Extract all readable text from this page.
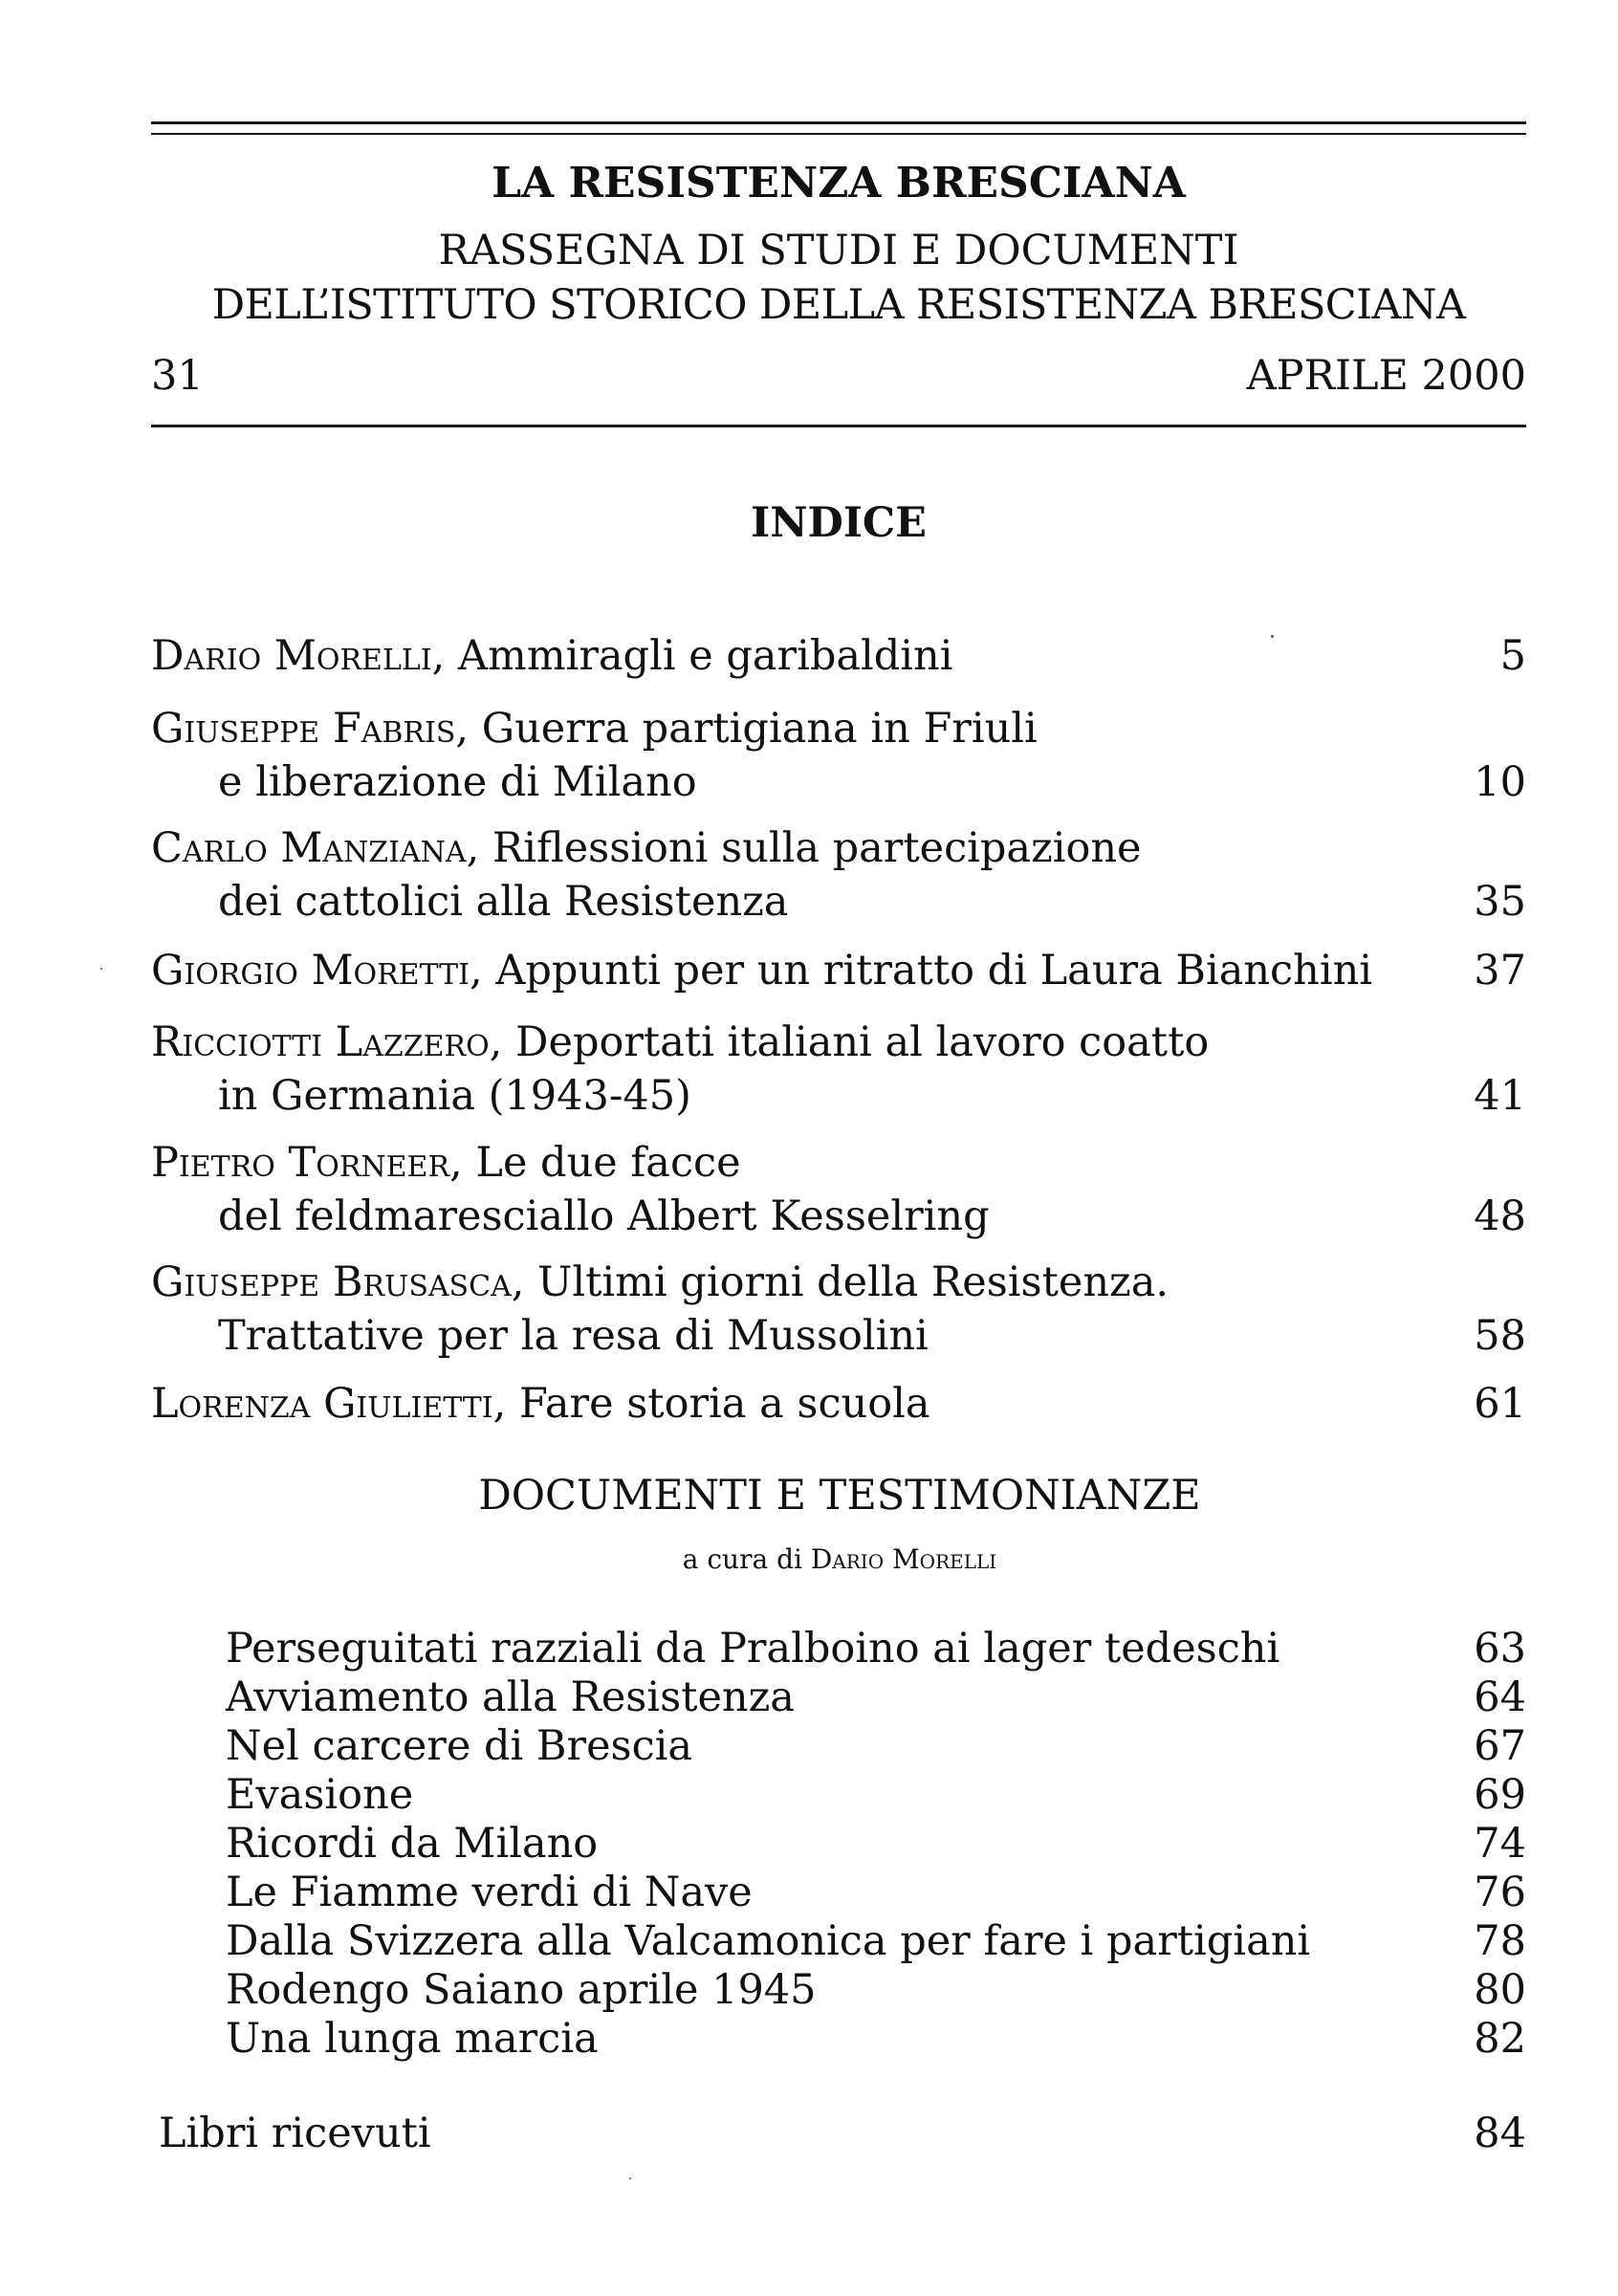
LA RESISTENZA BRESCIANA
RASSEGNA DI STUDI E DOCUMENTI
DELL’ISTITUTO STORICO DELLA RESISTENZA BRESCIANA
31	APRILE 2000
INDICE
Dario Morelli, Ammiragli e garibaldini	5
Giuseppe Fabris, Guerra partigiana in Friuli
e liberazione di Milano	10
Carlo Manziana, Riflessioni sulla partecipazione
dei cattolici alla Resistenza	35
Giorgio Moretti, Appunti per un ritratto di Laura Bianchini 37
Ricciotti Lazzero, Deportati italiani al lavoro coatto
in Germania (1943-45)	41
Pietro Torneer, Le due facce
del feldmaresciallo Albert Kesselring	48
Giuseppe Brusasca, Ultimi giorni della Resistenza.
Trattative per la resa di Mussolini	58
Lorenza Giulietti, Fare storia a scuola	61
DOCUMENTI E TESTIMONIANZE
a cura di Dario Morelli
Perseguitati razziali da Pralboino ai lager tedeschi	63
Avviamento alla Resistenza	64
Nel carcere di Brescia	67
Evasione	69
Ricordi da Milano	74
Le Fiamme verdi di Nave	76
Dalla Svizzera alla Valcamonica per fare i partigiani	78
Rodengo Saiano aprile 1945	80
Una lunga marcia	82
Libri ricevuti	84
